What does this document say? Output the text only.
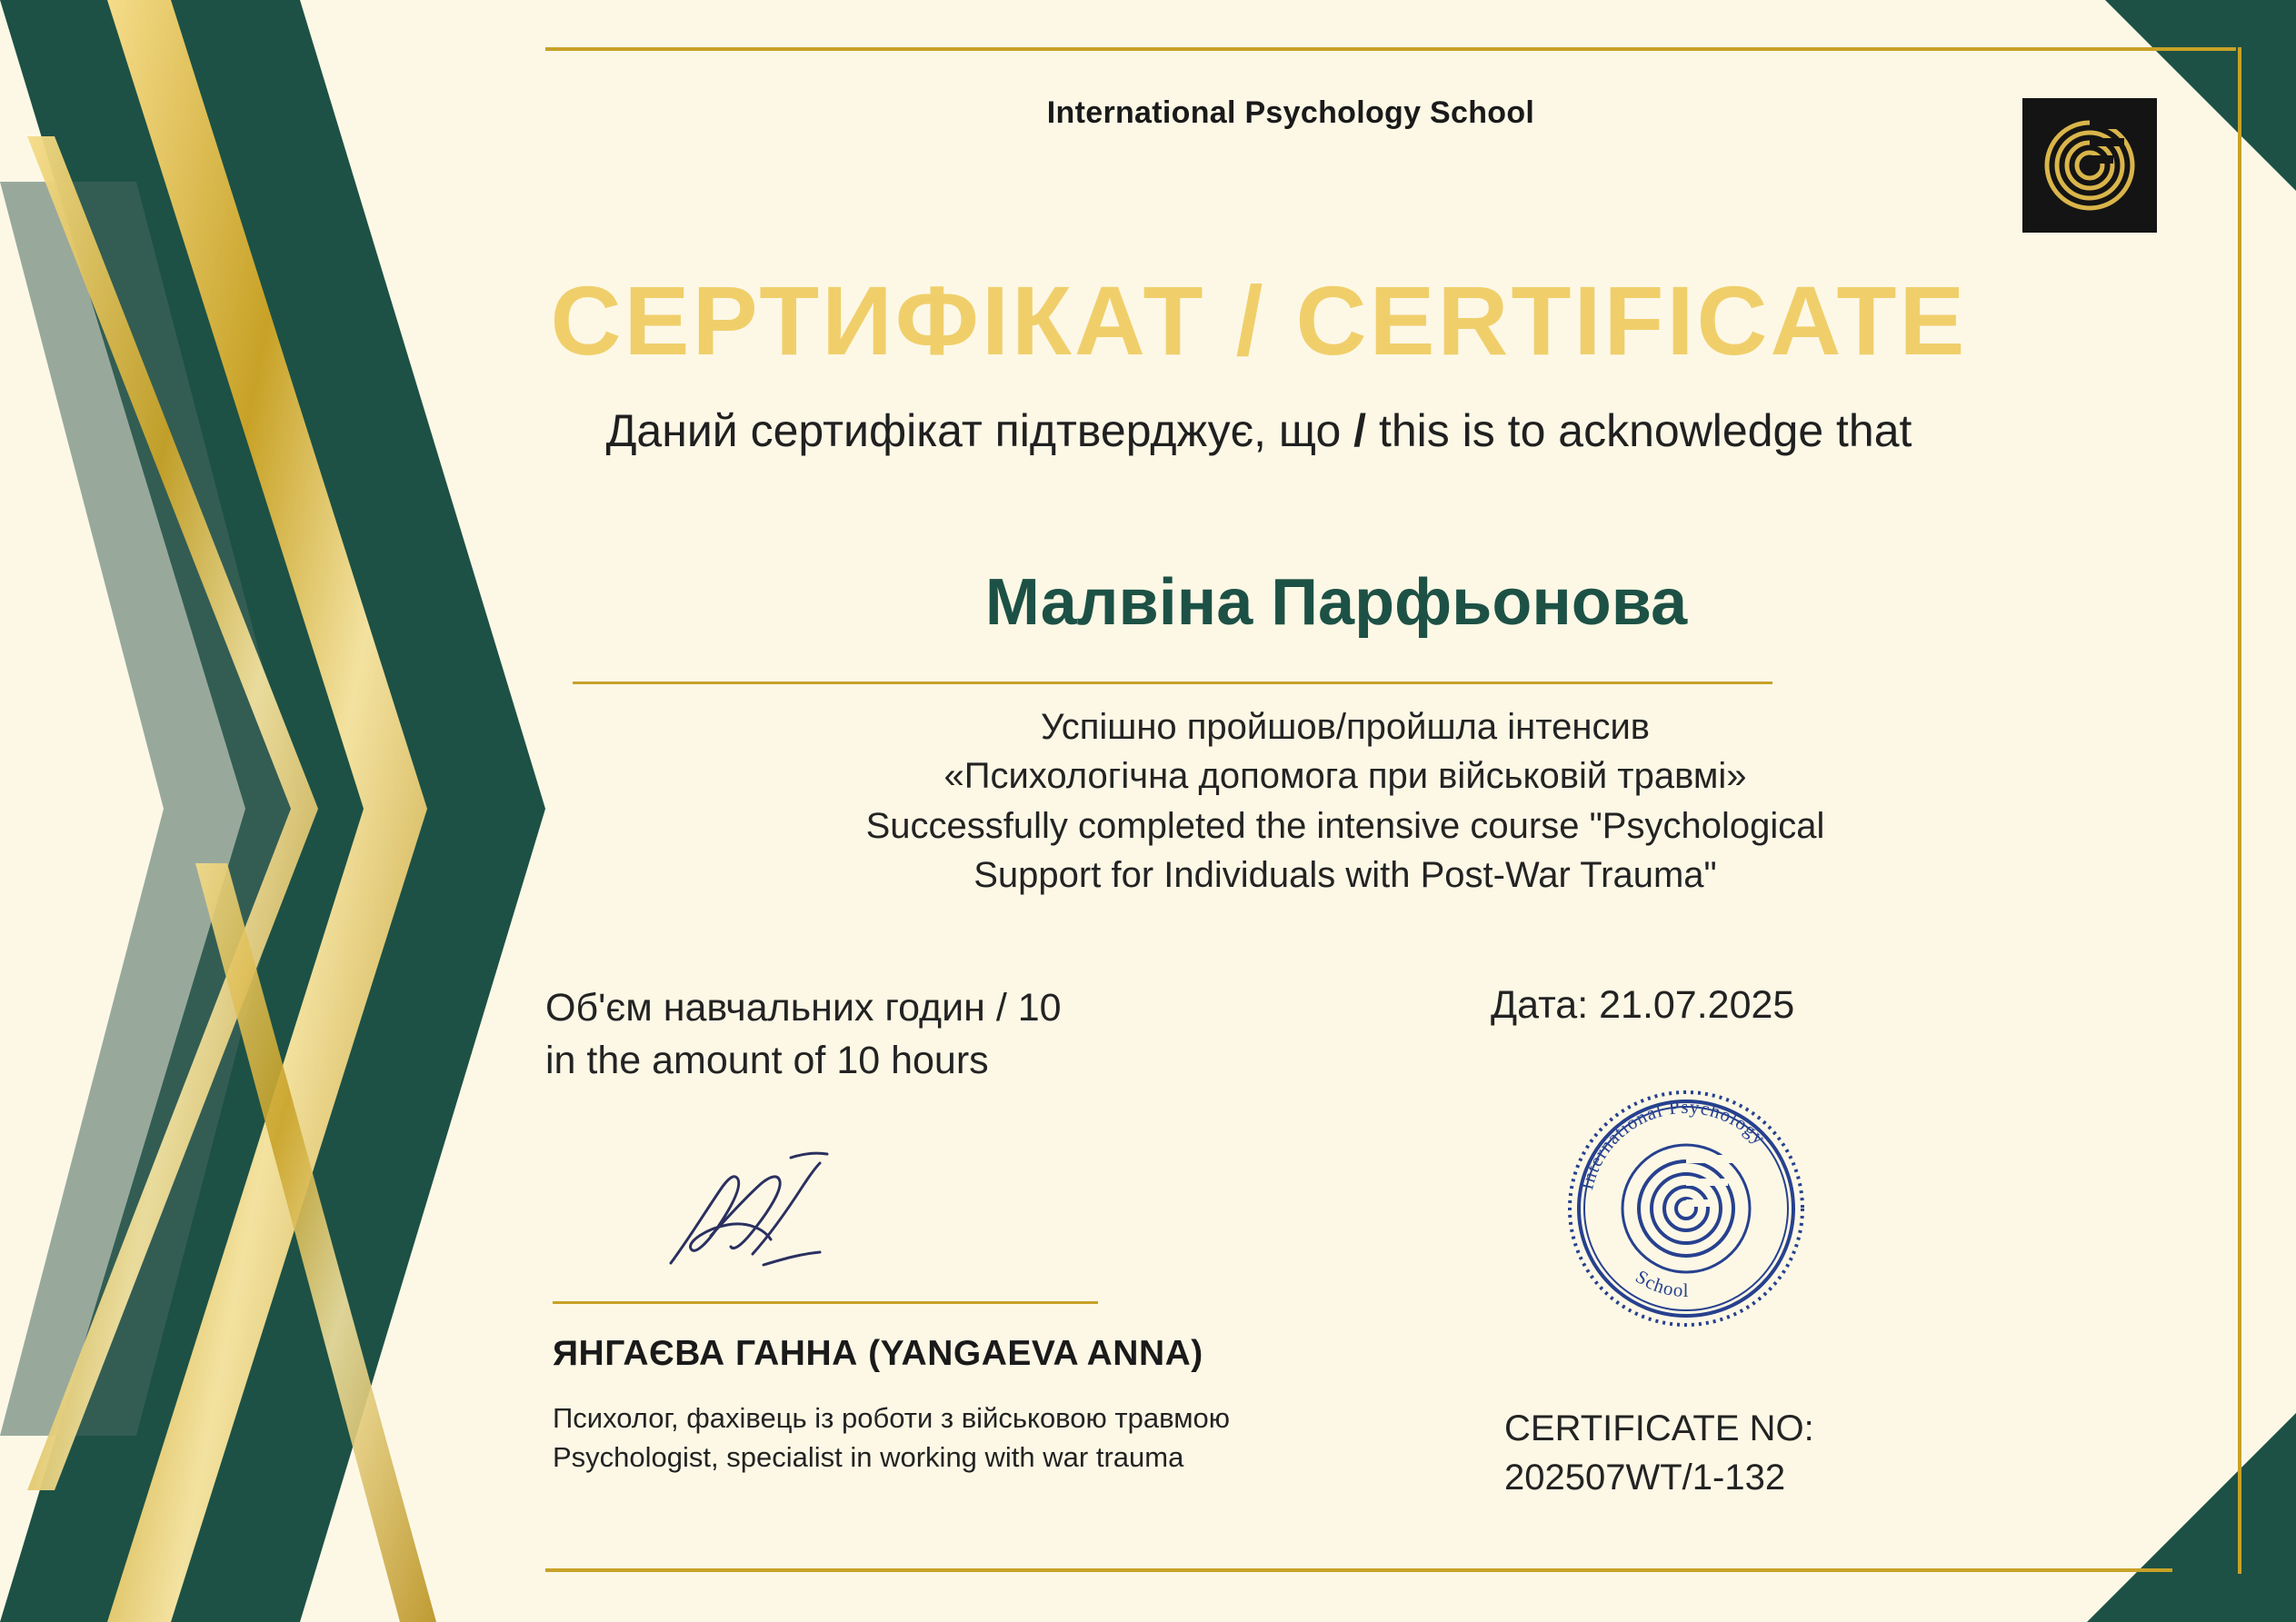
International Psychology School
СЕРТИФІКАТ / CERTIFICATE
Даний сертифікат підтверджує, що / this is to acknowledge that
Малвіна Парфьонова
Успішно пройшов/пройшла інтенсив
«Психологічна допомога при військовій травмі»
Successfully completed the intensive course "Psychological
Support for Individuals with Post-War Trauma"
Об'єм навчальних годин / 10
in the amount of 10 hours
Дата: 21.07.2025
ЯНГАЄВА ГАННА (YANGAEVA ANNA)
Психолог, фахівець із роботи з військовою травмою
Psychologist, specialist in working with war trauma
International Psychology
School
CERTIFICATE NO:
202507WT/1-132
